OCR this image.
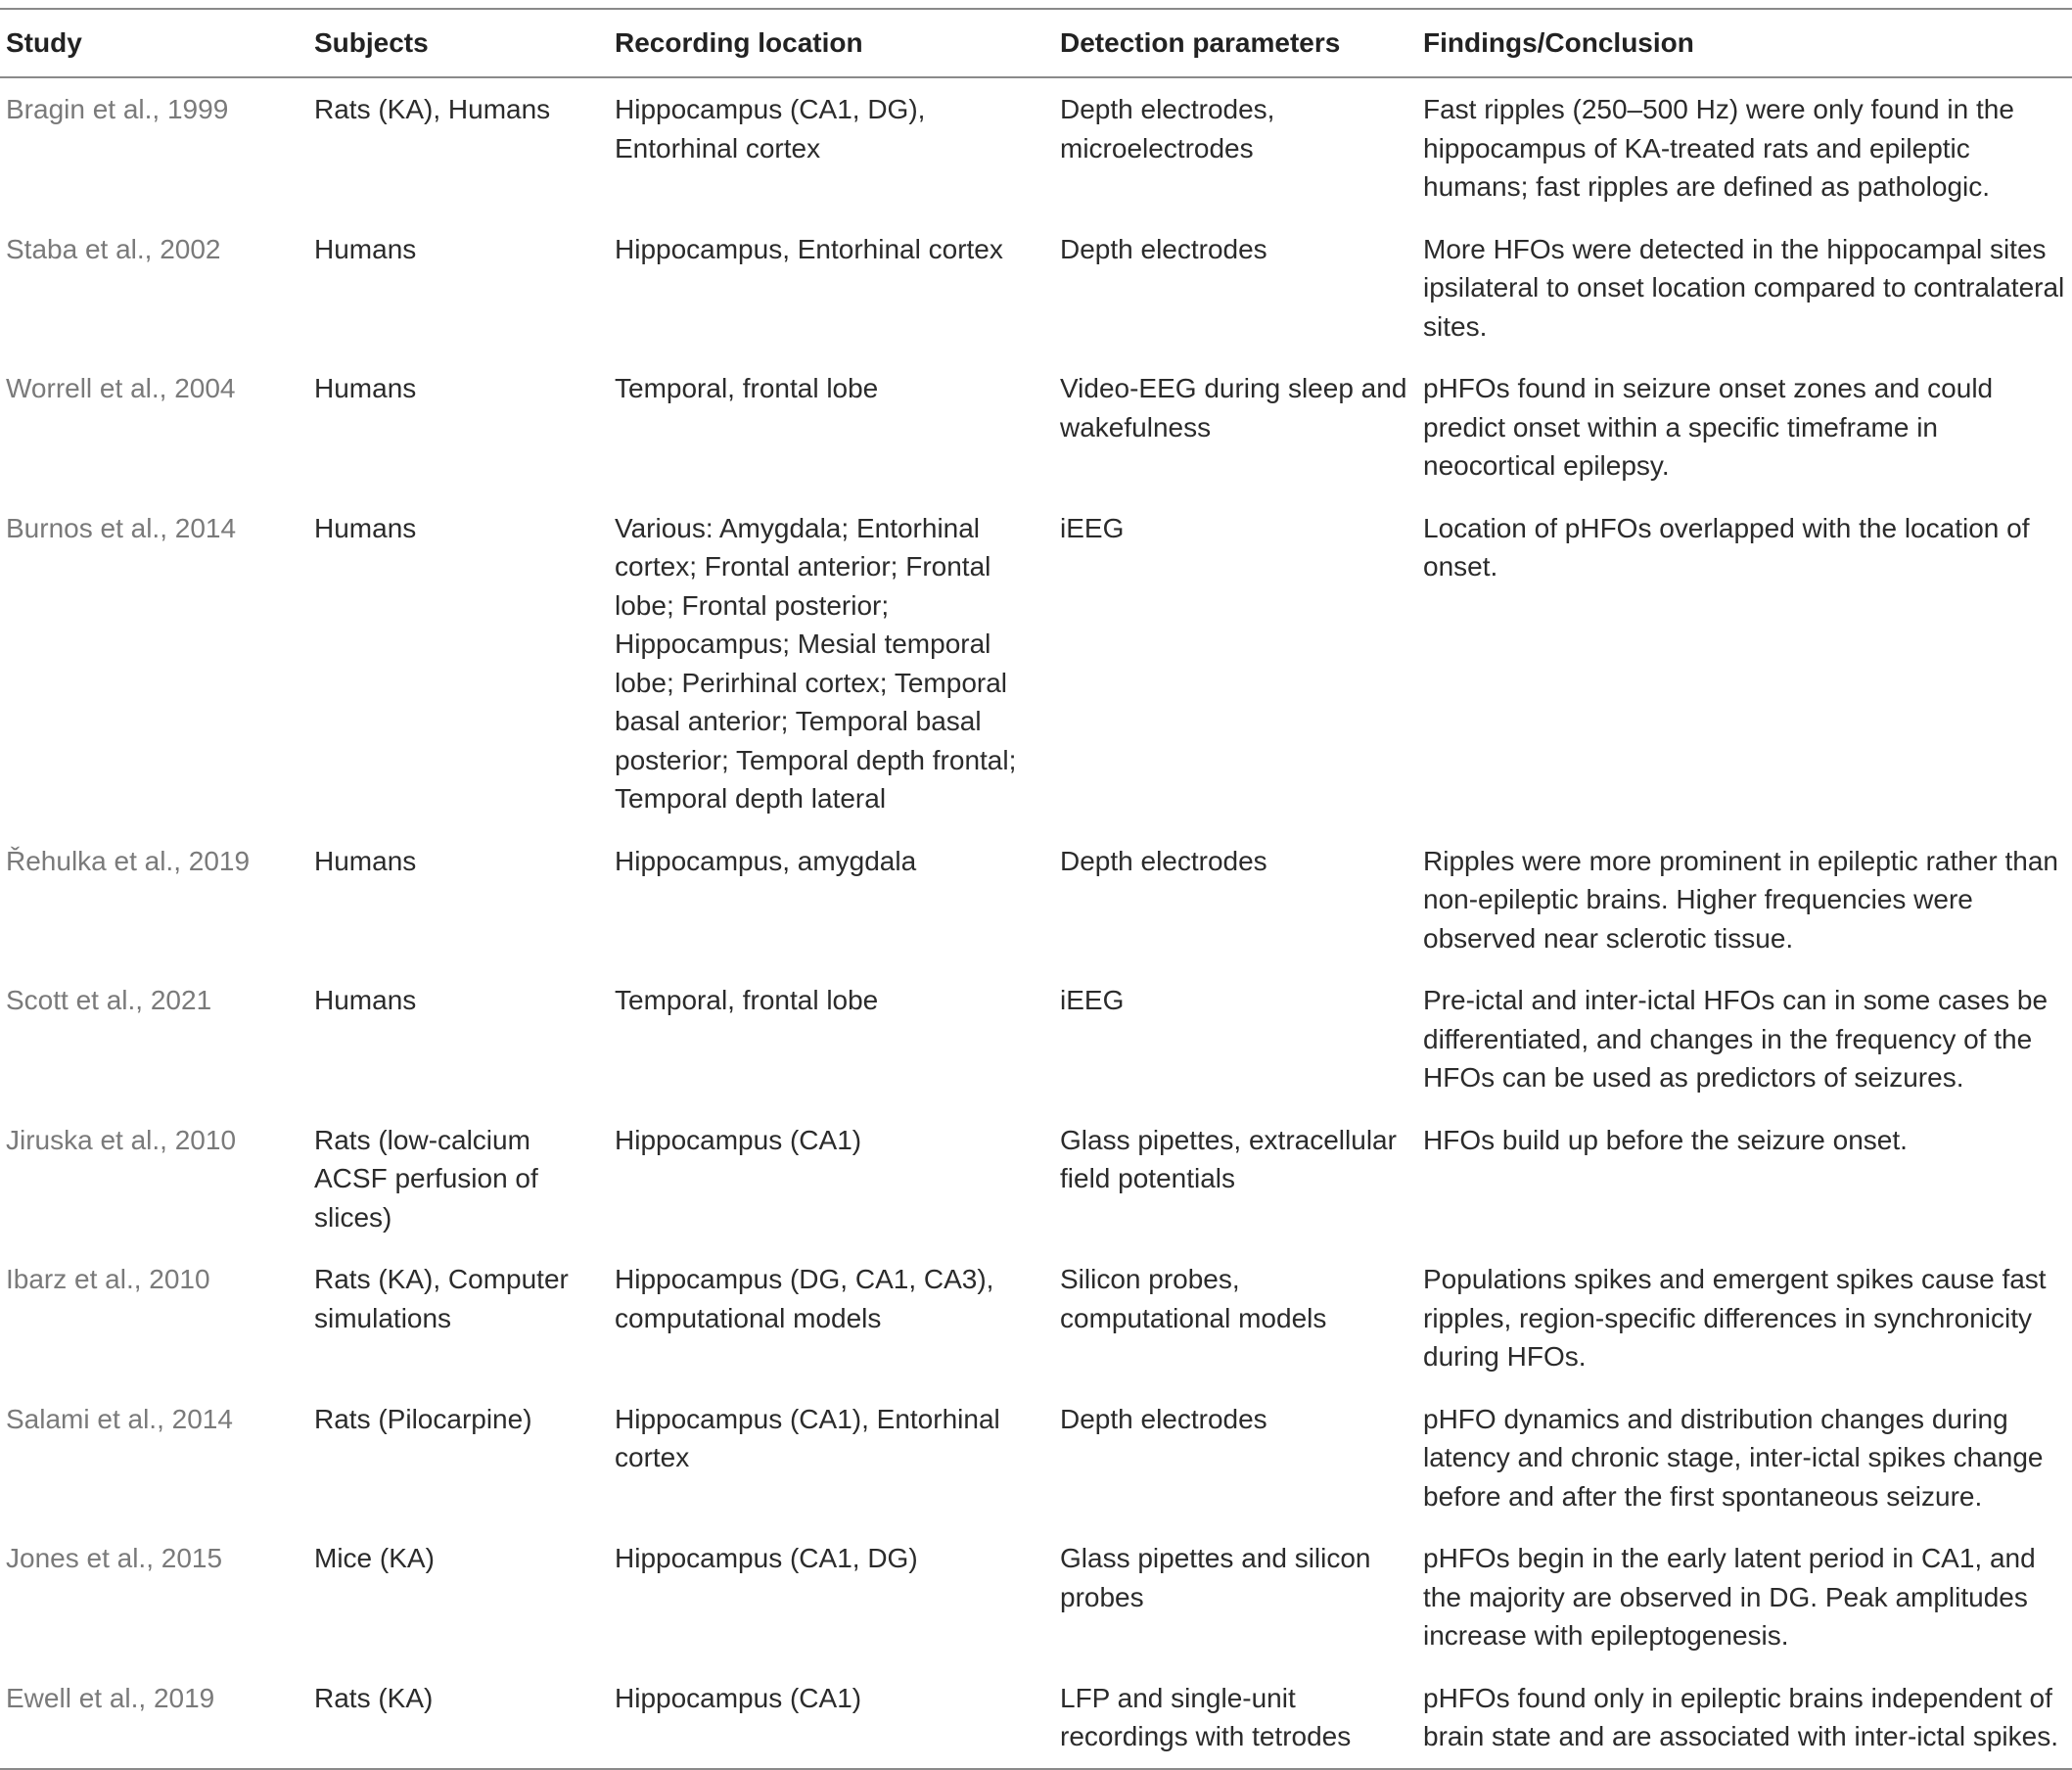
Study	Subjects	Recording location	Detection parameters	Findings/Conclusion
Bragin et al., 1999	Rats (KA), Humans	Hippocampus (CA1, DG), Entorhinal cortex	Depth electrodes, microelectrodes	Fast ripples (250–500 Hz) were only found in the hippocampus of KA-treated rats and epileptic humans; fast ripples are defined as pathologic.
Staba et al., 2002	Humans	Hippocampus, Entorhinal cortex	Depth electrodes	More HFOs were detected in the hippocampal sites ipsilateral to onset location compared to contralateral sites.
Worrell et al., 2004	Humans	Temporal, frontal lobe	Video-EEG during sleep and wakefulness	pHFOs found in seizure onset zones and could predict onset within a specific timeframe in neocortical epilepsy.
Burnos et al., 2014	Humans	Various: Amygdala; Entorhinal cortex; Frontal anterior; Frontal lobe; Frontal posterior; Hippocampus; Mesial temporal lobe; Perirhinal cortex; Temporal basal anterior; Temporal basal posterior; Temporal depth frontal; Temporal depth lateral	iEEG	Location of pHFOs overlapped with the location of onset.
Řehulka et al., 2019	Humans	Hippocampus, amygdala	Depth electrodes	Ripples were more prominent in epileptic rather than non-epileptic brains. Higher frequencies were observed near sclerotic tissue.
Scott et al., 2021	Humans	Temporal, frontal lobe	iEEG	Pre-ictal and inter-ictal HFOs can in some cases be differentiated, and changes in the frequency of the HFOs can be used as predictors of seizures.
Jiruska et al., 2010	Rats (low-calcium ACSF perfusion of slices)	Hippocampus (CA1)	Glass pipettes, extracellular field potentials	HFOs build up before the seizure onset.
Ibarz et al., 2010	Rats (KA), Computer simulations	Hippocampus (DG, CA1, CA3), computational models	Silicon probes, computational models	Populations spikes and emergent spikes cause fast ripples, region-specific differences in synchronicity during HFOs.
Salami et al., 2014	Rats (Pilocarpine)	Hippocampus (CA1), Entorhinal cortex	Depth electrodes	pHFO dynamics and distribution changes during latency and chronic stage, inter-ictal spikes change before and after the first spontaneous seizure.
Jones et al., 2015	Mice (KA)	Hippocampus (CA1, DG)	Glass pipettes and silicon probes	pHFOs begin in the early latent period in CA1, and the majority are observed in DG. Peak amplitudes increase with epileptogenesis.
Ewell et al., 2019	Rats (KA)	Hippocampus (CA1)	LFP and single-unit recordings with tetrodes	pHFOs found only in epileptic brains independent of brain state and are associated with inter-ictal spikes.
